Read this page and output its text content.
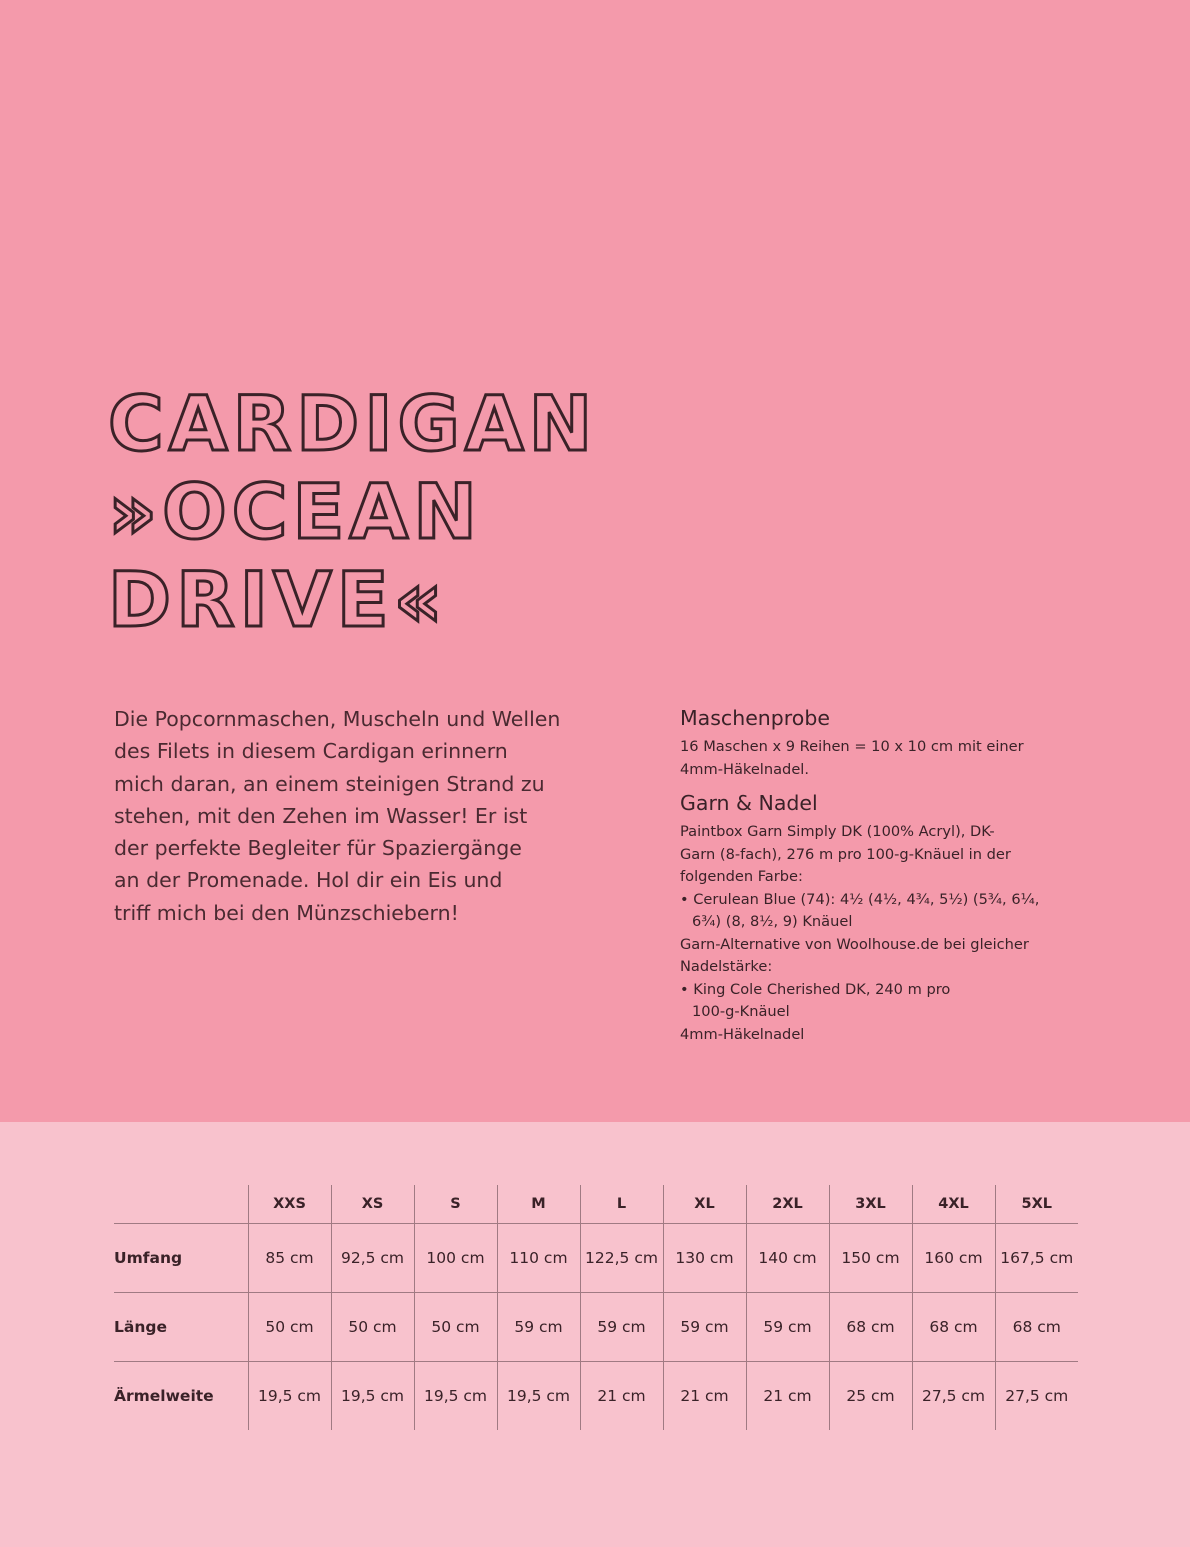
CARDIGAN
»OCEAN
DRIVE«

Die Popcornmaschen, Muscheln und Wellen
des Filets in diesem Cardigan erinnern
mich daran, an einem steinigen Strand zu
stehen, mit den Zehen im Wasser! Er ist
der perfekte Begleiter für Spaziergänge
an der Promenade. Hol dir ein Eis und
triff mich bei den Münzschiebern!

Maschenprobe

16 Maschen x 9 Reihen = 10 x 10 cm mit einer
4mm-Häkelnadel.

Garn & Nadel

Paintbox Garn Simply DK (100% Acryl), DK-
Garn (8-fach), 276 m pro 100-g-Knäuel in der
folgenden Farbe:
• Cerulean Blue (74): 4½ (4½, 4¾, 5½) (5¾, 6¼,
6¾) (8, 8½, 9) Knäuel
Garn-Alternative von Woolhouse.de bei gleicher
Nadelstärke:
• King Cole Cherished DK, 240 m pro
100-g-Knäuel
4mm-Häkelnadel

	XXS	XS	S	M	L	XL	2XL	3XL	4XL	5XL
Umfang	85 cm	92,5 cm	100 cm	110 cm	122,5 cm	130 cm	140 cm	150 cm	160 cm	167,5 cm
Länge	50 cm	50 cm	50 cm	59 cm	59 cm	59 cm	59 cm	68 cm	68 cm	68 cm
Ärmelweite	19,5 cm	19,5 cm	19,5 cm	19,5 cm	21 cm	21 cm	21 cm	25 cm	27,5 cm	27,5 cm
